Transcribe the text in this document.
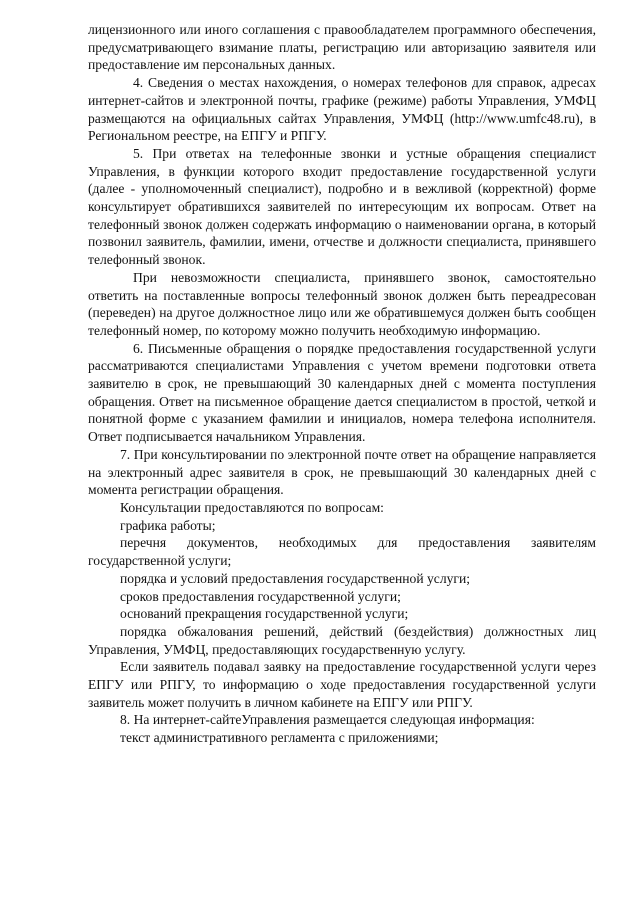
лицензионного или иного соглашения с правообладателем программного обеспечения, предусматривающего взимание платы, регистрацию или авторизацию заявителя или предоставление им персональных данных.

4. Сведения о местах нахождения, о номерах телефонов для справок, адресах интернет-сайтов и электронной почты, графике (режиме) работы Управления, УМФЦ размещаются на официальных сайтах Управления, УМФЦ (http://www.umfc48.ru), в Региональном реестре, на ЕПГУ и РПГУ.

5. При ответах на телефонные звонки и устные обращения специалист Управления, в функции которого входит предоставление государственной услуги (далее - уполномоченный специалист), подробно и в вежливой (корректной) форме консультирует обратившихся заявителей по интересующим их вопросам. Ответ на телефонный звонок должен содержать информацию о наименовании органа, в который позвонил заявитель, фамилии, имени, отчестве и должности специалиста, принявшего телефонный звонок.

При невозможности специалиста, принявшего звонок, самостоятельно ответить на поставленные вопросы телефонный звонок должен быть переадресован (переведен) на другое должностное лицо или же обратившемуся должен быть сообщен телефонный номер, по которому можно получить необходимую информацию.

6. Письменные обращения о порядке предоставления государственной услуги рассматриваются специалистами Управления с учетом времени подготовки ответа заявителю в срок, не превышающий 30 календарных дней с момента поступления обращения. Ответ на письменное обращение дается специалистом в простой, четкой и понятной форме с указанием фамилии и инициалов, номера телефона исполнителя. Ответ подписывается начальником Управления.

7. При консультировании по электронной почте ответ на обращение направляется на электронный адрес заявителя в срок, не превышающий 30 календарных дней с момента регистрации обращения.

Консультации предоставляются по вопросам:

графика работы;

перечня документов, необходимых для предоставления заявителям государственной услуги;

порядка и условий предоставления государственной услуги;

сроков предоставления государственной услуги;

оснований прекращения государственной услуги;

порядка обжалования решений, действий (бездействия) должностных лиц Управления, УМФЦ, предоставляющих государственную услугу.

Если заявитель подавал заявку на предоставление государственной услуги через ЕПГУ или РПГУ, то информацию о ходе предоставления государственной услуги заявитель может получить в личном кабинете на ЕПГУ или РПГУ.

8. На интернет-сайтеУправления размещается следующая информация:

текст административного регламента с приложениями;
